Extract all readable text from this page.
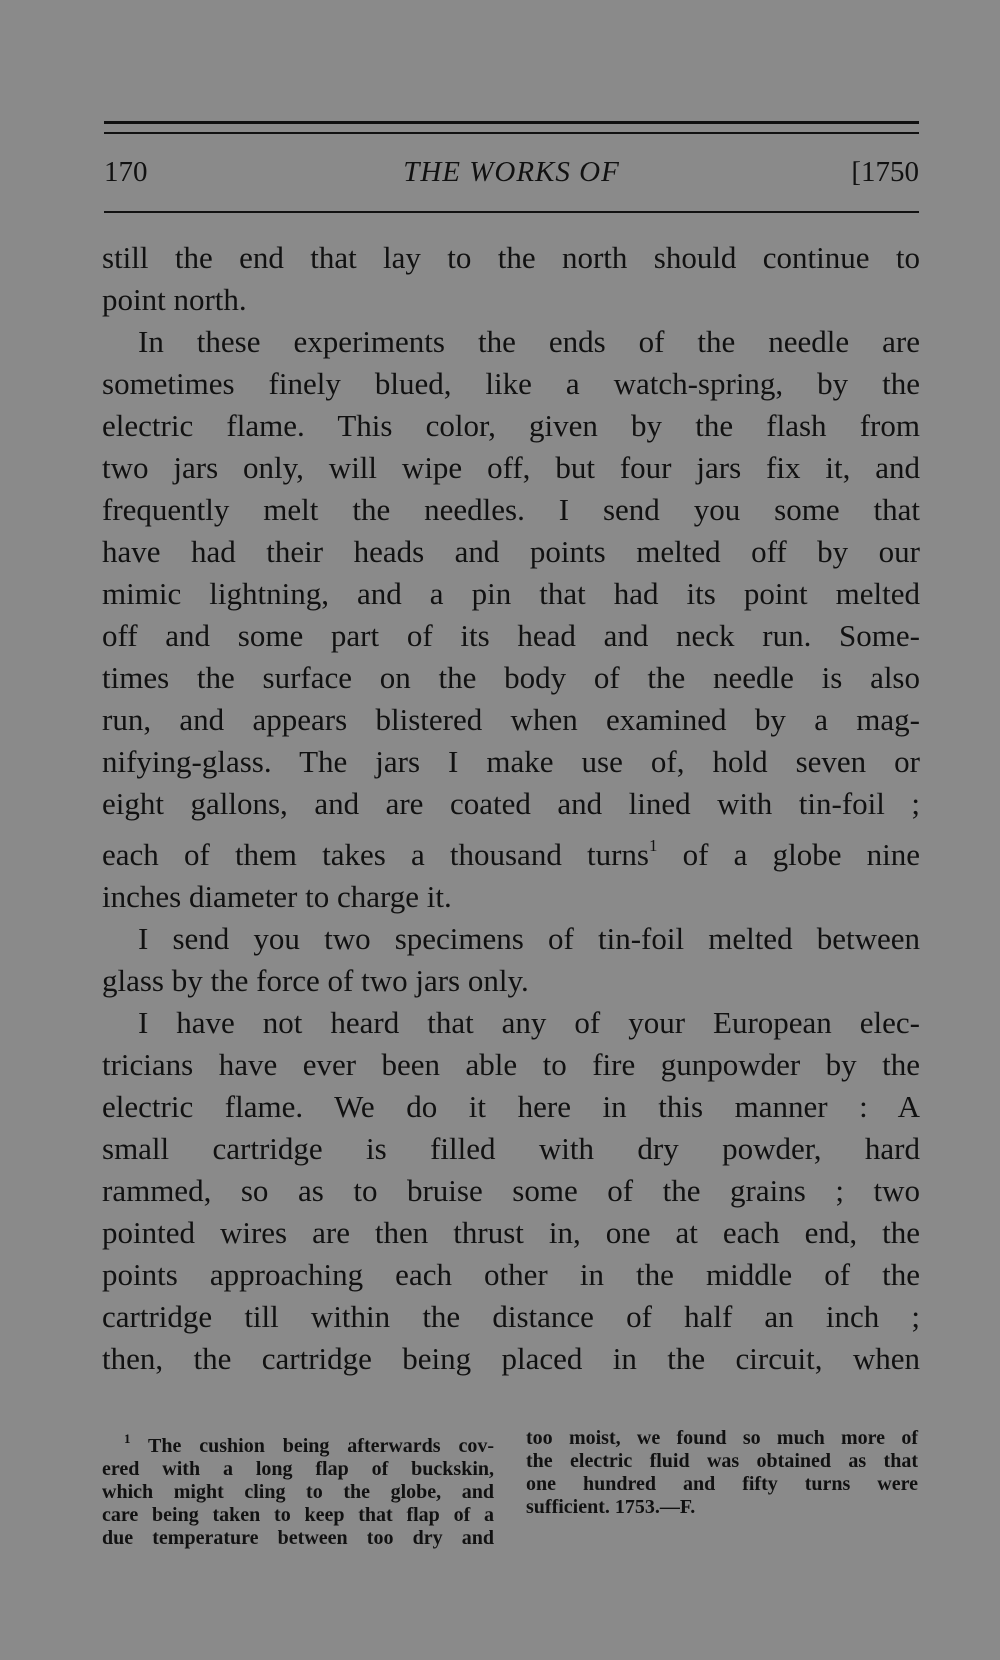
170	THE WORKS OF	[1750
still the end that lay to the north should continue to
point north.
In these experiments the ends of the needle are
sometimes finely blued, like a watch-spring, by the
electric flame. This color, given by the flash from
two jars only, will wipe off, but four jars fix it, and
frequently melt the needles. I send you some that
have had their heads and points melted off by our
mimic lightning, and a pin that had its point melted
off and some part of its head and neck run. Some-
times the surface on the body of the needle is also
run, and appears blistered when examined by a mag-
nifying-glass. The jars I make use of, hold seven or
eight gallons, and are coated and lined with tin-foil ;
each of them takes a thousand turns$^1$ of a globe nine
inches diameter to charge it.
I send you two specimens of tin-foil melted between
glass by the force of two jars only.
I have not heard that any of your European elec-
tricians have ever been able to fire gunpowder by the
electric flame. We do it here in this manner : A
small cartridge is filled with dry powder, hard
rammed, so as to bruise some of the grains ; two
pointed wires are then thrust in, one at each end, the
points approaching each other in the middle of the
cartridge till within the distance of half an inch ;
then, the cartridge being placed in the circuit, when
$^1$ The cushion being afterwards cov-
ered with a long flap of buckskin,
which might cling to the globe, and
care being taken to keep that flap of a
due temperature between too dry and
too moist, we found so much more of
the electric fluid was obtained as that
one hundred and fifty turns were
sufficient. 1753.—F.
